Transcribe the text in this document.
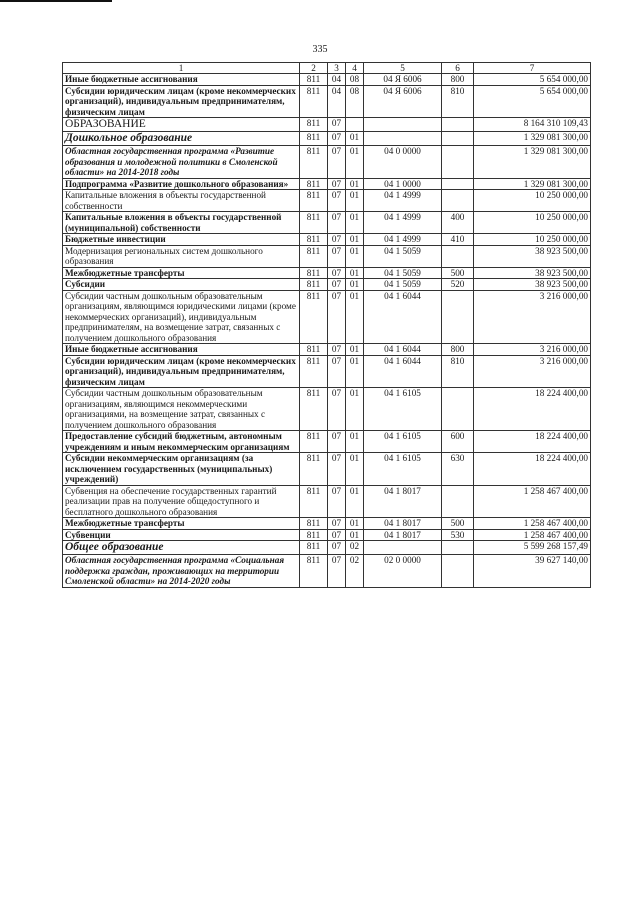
335
1	2	3	4	5	6	7
Иные бюджетные ассигнования	811	04	08	04 Я 6006	800	5 654 000,00
Субсидии юридическим лицам (кроме некоммерческих организаций), индивидуальным предпринимателям, физическим лицам	811	04	08	04 Я 6006	810	5 654 000,00
ОБРАЗОВАНИЕ	811	07				8 164 310 109,43
Дошкольное образование	811	07	01			1 329 081 300,00
Областная государственная программа «Развитие образования и молодежной политики в Смоленской области» на 2014-2018 годы	811	07	01	04 0 0000		1 329 081 300,00
Подпрограмма «Развитие дошкольного образования»	811	07	01	04 1 0000		1 329 081 300,00
Капитальные вложения в объекты государственной собственности	811	07	01	04 1 4999		10 250 000,00
Капитальные вложения в объекты государственной (муниципальной) собственности	811	07	01	04 1 4999	400	10 250 000,00
Бюджетные инвестиции	811	07	01	04 1 4999	410	10 250 000,00
Модернизация региональных систем дошкольного образования	811	07	01	04 1 5059		38 923 500,00
Межбюджетные трансферты	811	07	01	04 1 5059	500	38 923 500,00
Субсидии	811	07	01	04 1 5059	520	38 923 500,00
Субсидии частным дошкольным образовательным организациям, являющимся юридическими лицами (кроме некоммерческих организаций), индивидуальным предпринимателям, на возмещение затрат, связанных с получением дошкольного образования	811	07	01	04 1 6044		3 216 000,00
Иные бюджетные ассигнования	811	07	01	04 1 6044	800	3 216 000,00
Субсидии юридическим лицам (кроме некоммерческих организаций), индивидуальным предпринимателям, физическим лицам	811	07	01	04 1 6044	810	3 216 000,00
Субсидии частным дошкольным образовательным организациям, являющимся некоммерческими организациями, на возмещение затрат, связанных с получением дошкольного образования	811	07	01	04 1 6105		18 224 400,00
Предоставление субсидий бюджетным, автономным учреждениям и иным некоммерческим организациям	811	07	01	04 1 6105	600	18 224 400,00
Субсидии некоммерческим организациям (за исключением государственных (муниципальных) учреждений)	811	07	01	04 1 6105	630	18 224 400,00
Субвенция на обеспечение государственных гарантий реализации прав на получение общедоступного и бесплатного дошкольного образования	811	07	01	04 1 8017		1 258 467 400,00
Межбюджетные трансферты	811	07	01	04 1 8017	500	1 258 467 400,00
Субвенции	811	07	01	04 1 8017	530	1 258 467 400,00
Общее образование	811	07	02			5 599 268 157,49
Областная государственная программа «Социальная поддержка граждан, проживающих на территории Смоленской области» на 2014-2020 годы	811	07	02	02 0 0000		39 627 140,00
